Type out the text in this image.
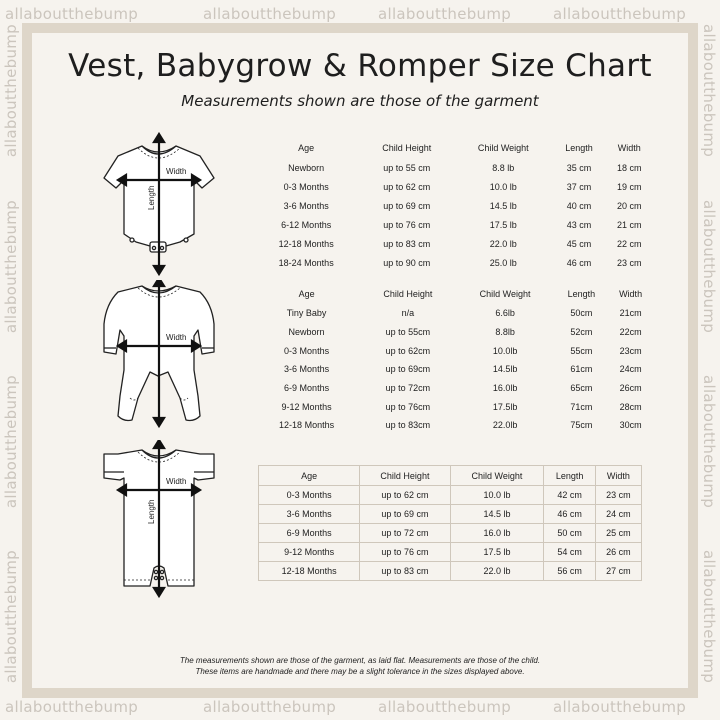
allaboutthebump	allaboutthebump	allaboutthebump	allaboutthebump
allaboutthebump	allaboutthebump	allaboutthebump	allaboutthebump
allaboutthebump
allaboutthebump
allaboutthebump
allaboutthebump
allaboutthebump
allaboutthebump
allaboutthebump
allaboutthebump
Vest, Babygrow & Romper Size Chart

Measurements shown are those of the garment

Width
Length
Width
Width
Length
Age	Child Height	Child Weight	Length	Width
Newborn	up to 55 cm	8.8 lb	35 cm	18 cm
0-3 Months	up to 62 cm	10.0 lb	37 cm	19 cm
3-6 Months	up to 69 cm	14.5 lb	40 cm	20 cm
6-12 Months	up to 76 cm	17.5 lb	43 cm	21 cm
12-18 Months	up to 83 cm	22.0 lb	45 cm	22 cm
18-24 Months	up to 90 cm	25.0 lb	46 cm	23 cm
Age	Child Height	Child Weight	Length	Width
Tiny Baby	n/a	6.6lb	50cm	21cm
Newborn	up to 55cm	8.8lb	52cm	22cm
0-3 Months	up to 62cm	10.0lb	55cm	23cm
3-6 Months	up to 69cm	14.5lb	61cm	24cm
6-9 Months	up to 72cm	16.0lb	65cm	26cm
9-12 Months	up to 76cm	17.5lb	71cm	28cm
12-18 Months	up to 83cm	22.0lb	75cm	30cm
Age	Child Height	Child Weight	Length	Width
0-3 Months	up to 62 cm	10.0 lb	42 cm	23 cm
3-6 Months	up to 69 cm	14.5 lb	46 cm	24 cm
6-9 Months	up to 72 cm	16.0 lb	50 cm	25 cm
9-12 Months	up to 76 cm	17.5 lb	54 cm	26 cm
12-18 Months	up to 83 cm	22.0 lb	56 cm	27 cm
The measurements shown are those of the garment, as laid flat. Measurements are those of the child.
These items are handmade and there may be a slight tolerance in the sizes displayed above.
